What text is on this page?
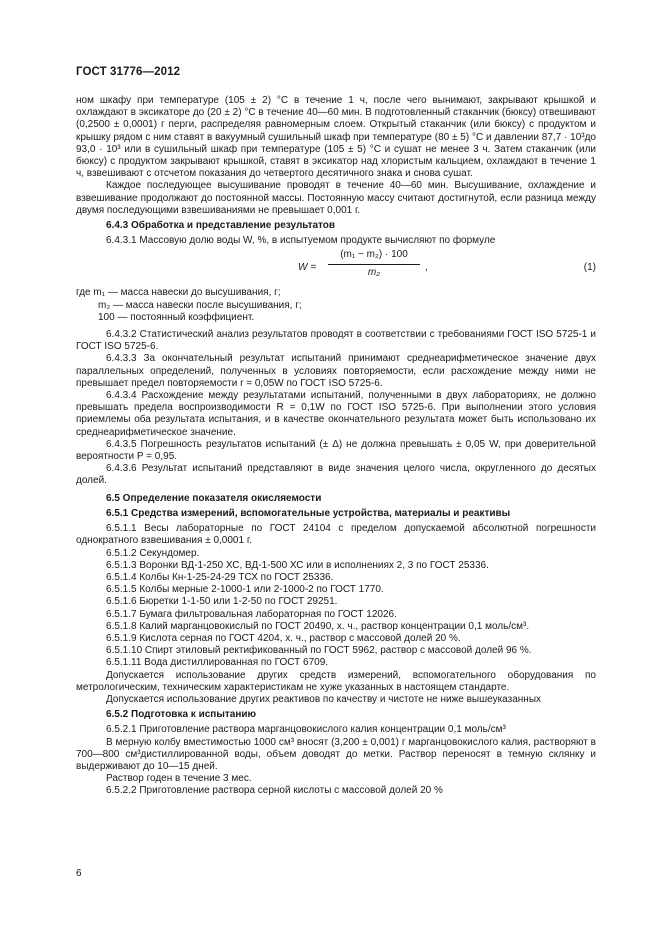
ГОСТ 31776—2012

ном шкафу при температуре (105 ± 2) °С в течение 1 ч, после чего вынимают, закрывают крышкой и охлаждают в эксикаторе до (20 ± 2) °С в течение 40—60 мин. В подготовленный стаканчик (бюксу) отвешивают (0,2500 ± 0,0001) г перги, распределяя равномерным слоем. Открытый стаканчик (или бюксу) с продуктом и крышку рядом с ним ставят в вакуумный сушильный шкаф при температуре (80 ± 5) °С и давлении 87,7 · 10³до 93,0 · 10³ или в сушильный шкаф при температуре (105 ± 5) °С и сушат не менее 3 ч. Затем стаканчик (или бюксу) с продуктом закрывают крышкой, ставят в эксикатор над хлористым кальцием, охлаждают в течение 1 ч, взвешивают с отсчетом показания до четвертого десятичного знака и снова сушат.

Каждое последующее высушивание проводят в течение 40—60 мин. Высушивание, охлаждение и взвешивание продолжают до постоянной массы. Постоянную массу считают достигнутой, если разница между двумя последующими взвешиваниями не превышает 0,001 г.

6.4.3 Обработка и представление результатов

6.4.3.1 Массовую долю воды W, %, в испытуемом продукте вычисляют по формуле

W =
(m₁ − m₂) · 100
m₂	,	(1)
где m₁ — масса навески до высушивания, г;
m₂ — масса навески после высушивания, г;
100 — постоянный коэффициент.

6.4.3.2 Статистический анализ результатов проводят в соответствии с требованиями ГОСТ ISO 5725-1 и ГОСТ ISO 5725-6.

6.4.3.3 За окончательный результат испытаний принимают среднеарифметическое значение двух параллельных определений, полученных в условиях повторяемости, если расхождение между ними не превышает предел повторяемости r = 0,05W по ГОСТ ISO 5725-6.

6.4.3.4 Расхождение между результатами испытаний, полученными в двух лабораториях, не должно превышать предела воспроизводимости R = 0,1W по ГОСТ ISO 5725-6. При выполнении этого условия приемлемы оба результата испытания, и в качестве окончательного результата может быть использовано их среднеарифметическое значение.

6.4.3.5 Погрешность результатов испытаний (± Δ) не должна превышать ± 0,05 W, при доверительной вероятности P = 0,95.

6.4.3.6 Результат испытаний представляют в виде значения целого числа, округленного до десятых долей.

6.5 Определение показателя окисляемости

6.5.1 Средства измерений, вспомогательные устройства, материалы и реактивы

6.5.1.1 Весы лабораторные по ГОСТ 24104 с пределом допускаемой абсолютной погрешности однократного взвешивания ± 0,0001 г.

6.5.1.2 Секундомер.

6.5.1.3 Воронки ВД-1-250 ХС, ВД-1-500 ХС или в исполнениях 2, 3 по ГОСТ 25336.

6.5.1.4 Колбы Кн-1-25-24-29 ТСХ по ГОСТ 25336.

6.5.1.5 Колбы мерные 2-1000-1 или 2-1000-2 по ГОСТ 1770.

6.5.1.6 Бюретки 1-1-50 или 1-2-50 по ГОСТ 29251.

6.5.1.7 Бумага фильтровальная лабораторная по ГОСТ 12026.

6.5.1.8 Калий марганцовокислый по ГОСТ 20490, х. ч., раствор концентрации 0,1 моль/см³.

6.5.1.9 Кислота серная по ГОСТ 4204, х. ч., раствор с массовой долей 20 %.

6.5.1.10 Спирт этиловый ректификованный по ГОСТ 5962, раствор с массовой долей 96 %.

6.5.1.11 Вода дистиллированная по ГОСТ 6709.

Допускается использование других средств измерений, вспомогательного оборудования по метрологическим, техническим характеристикам не хуже указанных в настоящем стандарте.

Допускается использование других реактивов по качеству и чистоте не ниже вышеуказанных

6.5.2 Подготовка к испытанию

6.5.2.1 Приготовление раствора марганцовокислого калия концентрации 0,1 моль/см³

В мерную колбу вместимостью 1000 см³ вносят (3,200 ± 0,001) г марганцовокислого калия, растворяют в 700—800 см³дистиллированной воды, объем доводят до метки. Раствор переносят в темную склянку и выдерживают до 10—15 дней.

Раствор годен в течение 3 мес.

6.5.2.2 Приготовление раствора серной кислоты с массовой долей 20 %

6
